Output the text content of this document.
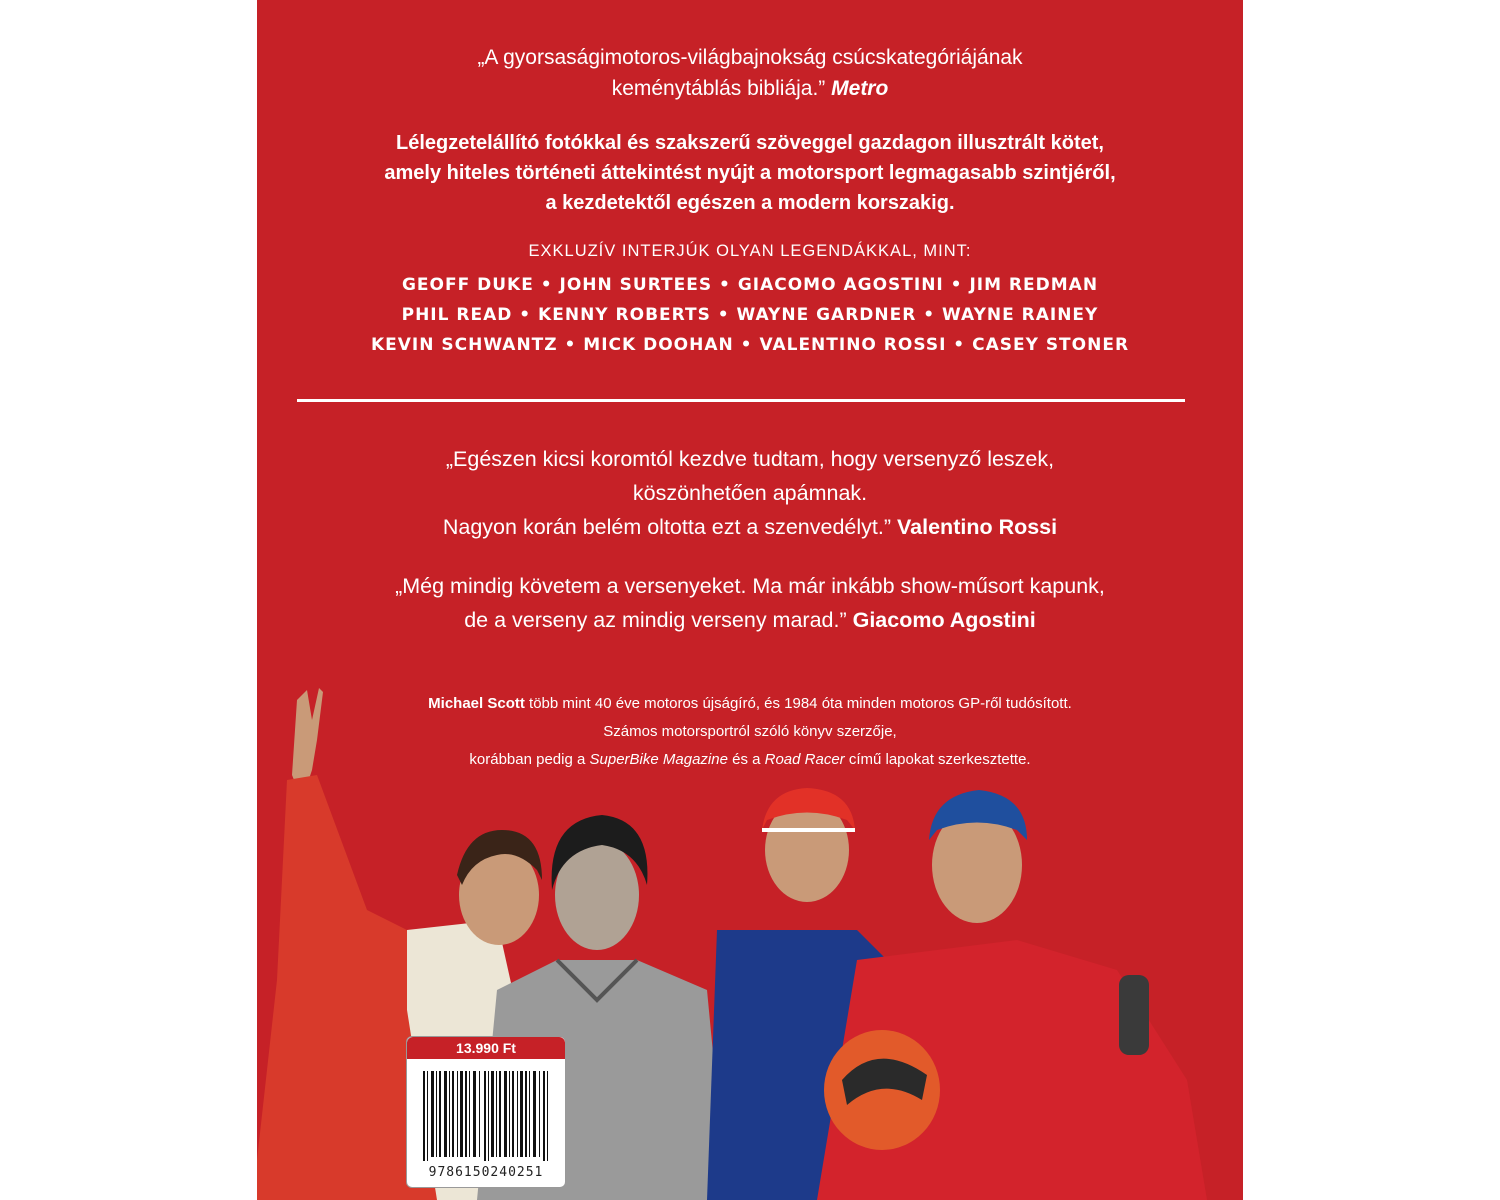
„A gyorsaságimotoros-világbajnokság csúcskategóriájának
keménytáblás bibliája.” Metro
Lélegzetelállító fotókkal és szakszerű szöveggel gazdagon illusztrált kötet,
amely hiteles történeti áttekintést nyújt a motorsport legmagasabb szintjéről,
a kezdetektől egészen a modern korszakig.
EXKLUZÍV INTERJÚK OLYAN LEGENDÁKKAL, MINT:
GEOFF DUKE • JOHN SURTEES • GIACOMO AGOSTINI • JIM REDMAN
PHIL READ • KENNY ROBERTS • WAYNE GARDNER • WAYNE RAINEY
KEVIN SCHWANTZ • MICK DOOHAN • VALENTINO ROSSI • CASEY STONER
„Egészen kicsi koromtól kezdve tudtam, hogy versenyző leszek,
köszönhetően apámnak.
Nagyon korán belém oltotta ezt a szenvedélyt.” Valentino Rossi
„Még mindig követem a versenyeket. Ma már inkább show-műsort kapunk,
de a verseny az mindig verseny marad.” Giacomo Agostini
Michael Scott több mint 40 éve motoros újságíró, és 1984 óta minden motoros GP-ről tudósított.
Számos motorsportról szóló könyv szerzője,
korábban pedig a SuperBike Magazine és a Road Racer című lapokat szerkesztette.
13.990 Ft
9786150240251
